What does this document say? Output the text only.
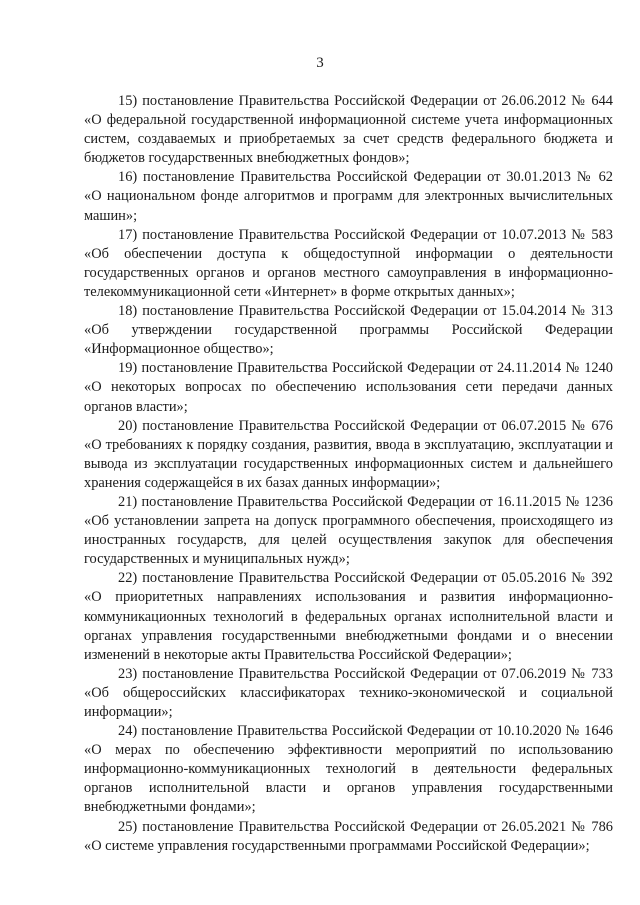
3

15) постановление Правительства Российской Федерации от 26.06.2012 № 644 «О федеральной государственной информационной системе учета информационных систем, создаваемых и приобретаемых за счет средств федерального бюджета и бюджетов государственных внебюджетных фондов»;

16) постановление Правительства Российской Федерации от 30.01.2013 № 62 «О национальном фонде алгоритмов и программ для электронных вычислительных машин»;

17) постановление Правительства Российской Федерации от 10.07.2013 № 583 «Об обеспечении доступа к общедоступной информации о деятельности государственных органов и органов местного самоуправления в информационно-телекоммуникационной сети «Интернет» в форме открытых данных»;

18) постановление Правительства Российской Федерации от 15.04.2014 № 313 «Об утверждении государственной программы Российской Федерации «Информационное общество»;

19) постановление Правительства Российской Федерации от 24.11.2014 № 1240 «О некоторых вопросах по обеспечению использования сети передачи данных органов власти»;

20) постановление Правительства Российской Федерации от 06.07.2015 № 676 «О требованиях к порядку создания, развития, ввода в эксплуатацию, эксплуатации и вывода из эксплуатации государственных информационных систем и дальнейшего хранения содержащейся в их базах данных информации»;

21) постановление Правительства Российской Федерации от 16.11.2015 № 1236 «Об установлении запрета на допуск программного обеспечения, происходящего из иностранных государств, для целей осуществления закупок для обеспечения государственных и муниципальных нужд»;

22) постановление Правительства Российской Федерации от 05.05.2016 № 392 «О приоритетных направлениях использования и развития информационно-коммуникационных технологий в федеральных органах исполнительной власти и органах управления государственными внебюджетными фондами и о внесении изменений в некоторые акты Правительства Российской Федерации»;

23) постановление Правительства Российской Федерации от 07.06.2019 № 733 «Об общероссийских классификаторах технико-экономической и социальной информации»;

24) постановление Правительства Российской Федерации от 10.10.2020 № 1646 «О мерах по обеспечению эффективности мероприятий по использованию информационно-коммуникационных технологий в деятельности федеральных органов исполнительной власти и органов управления государственными внебюджетными фондами»;

25) постановление Правительства Российской Федерации от 26.05.2021 № 786 «О системе управления государственными программами Российской Федерации»;
